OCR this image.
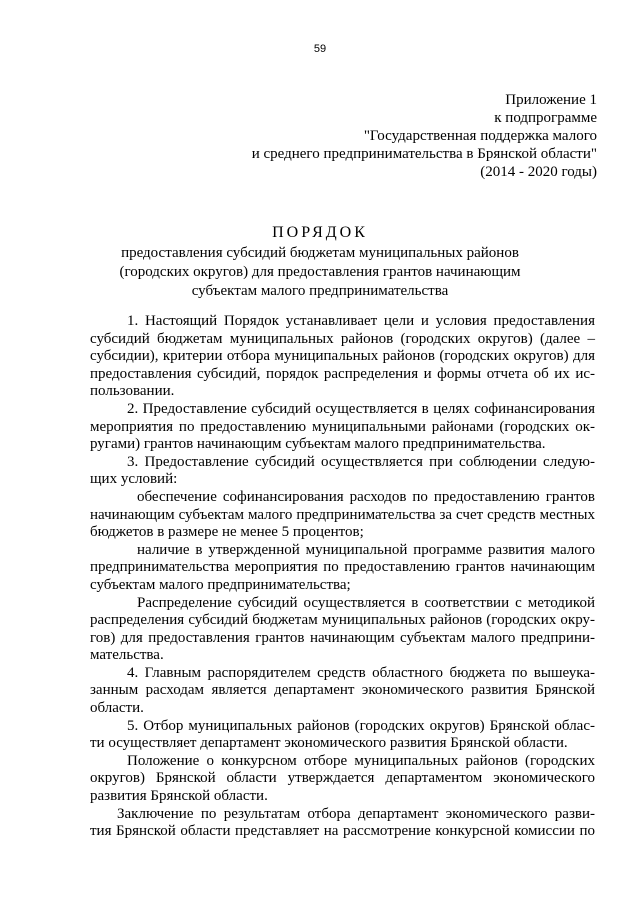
59
Приложение 1
к подпрограмме
"Государственная поддержка малого
и среднего предпринимательства в Брянской области"
(2014 - 2020 годы)
ПОРЯДОК
предоставления субсидий бюджетам муниципальных районов
(городских округов) для предоставления грантов начинающим
субъектам малого предпринимательства
1. Настоящий Порядок устанавливает цели и условия предоставления
субсидий бюджетам муниципальных районов (городских округов) (далее –
субсидии), критерии отбора муниципальных районов (городских округов) для
предоставления субсидий, порядок распределения и формы отчета об их ис-
пользовании.
2. Предоставление субсидий осуществляется в целях софинансирования
мероприятия по предоставлению муниципальными районами (городских ок-
ругами) грантов начинающим субъектам малого предпринимательства.
3. Предоставление субсидий осуществляется при соблюдении следую-
щих условий:
обеспечение софинансирования расходов по предоставлению грантов
начинающим субъектам малого предпринимательства за счет средств местных
бюджетов в размере не менее 5 процентов;
наличие в утвержденной муниципальной программе развития малого
предпринимательства мероприятия по предоставлению грантов начинающим
субъектам малого предпринимательства;
Распределение субсидий осуществляется в соответствии с методикой
распределения субсидий бюджетам муниципальных районов (городских окру-
гов) для предоставления грантов начинающим субъектам малого предприни-
мательства.
4. Главным распорядителем средств областного бюджета по вышеука-
занным расходам является департамент экономического развития Брянской
области.
5. Отбор муниципальных районов (городских округов) Брянской облас-
ти осуществляет департамент экономического развития Брянской области.
Положение о конкурсном отборе муниципальных районов (городских
округов) Брянской области утверждается департаментом экономического
развития Брянской области.
Заключение по результатам отбора департамент экономического разви-
тия Брянской области представляет на рассмотрение конкурсной комиссии по
